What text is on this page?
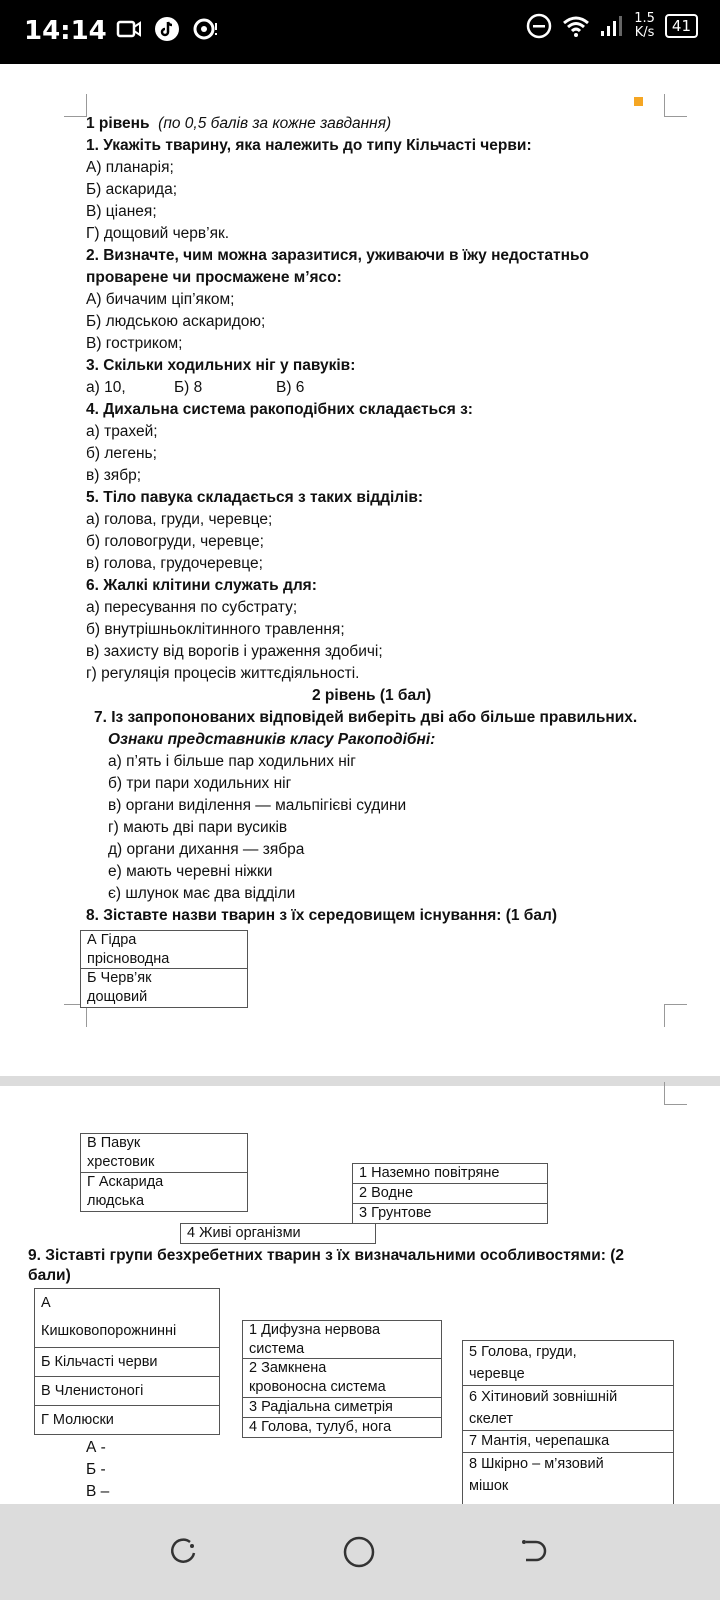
14:14	1.5
K/s	41
1 рівень (по 0,5 балів за кожне завдання)
1. Укажіть тварину, яка належить до типу Кільчасті черви:
А) планарія;
Б) аскарида;
В) ціанея;
Г) дощовий черв’як.
2. Визначте, чим можна заразитися, уживаючи в їжу недостатньо
проварене чи просмажене м’ясо:
А) бичачим ціп’яком;
Б) людською аскаридою;
В) гостриком;
3. Скільки ходильних ніг у павуків:
а) 10,	Б) 8	В) 6
4. Дихальна система ракоподібних складається з:
а) трахей;
б) легень;
в) зябр;
5. Тіло павука складається з таких відділів:
а) голова, груди, черевце;
б) головогруди, черевце;
в) голова, грудочеревце;
6. Жалкі клітини служать для:
а) пересування по субстрату;
б) внутрішньоклітинного травлення;
в) захисту від ворогів і ураження здобичі;
г) регуляція процесів життєдіяльності.
2 рівень (1 бал)
7. Із запропонованих відповідей виберіть дві або більше правильних.
Ознаки представників класу Ракоподібні:
а) п’ять і більше пар ходильних ніг
б) три пари ходильних ніг
в) органи виділення — мальпігієві судини
г) мають дві пари вусиків
д) органи дихання — зябра
е) мають черевні ніжки
є) шлунок має два відділи
8. Зіставте назви тварин з їх середовищем існування: (1 бал)
А Гідра
прісноводна
Б Черв’як
дощовий
В Павук
хрестовик
Г Аскарида
людська
1 Наземно повітряне
2 Водне
3 Грунтове
4 Живі організми
9. Зіставті групи безхребетних тварин з їх визначальними особливостями: (2
бали)
А
Кишковопорожнинні
Б Кільчасті черви
В Членистоногі
Г Молюски
1 Дифузна нервова
система
2 Замкнена
кровоносна система
3 Радіальна симетрія
4 Голова, тулуб, нога
5 Голова, груди,
черевце
6 Хітиновий зовнішній
скелет
7 Мантія, черепашка
8 Шкірно – м’язовий
мішок
А -
Б -
В –
